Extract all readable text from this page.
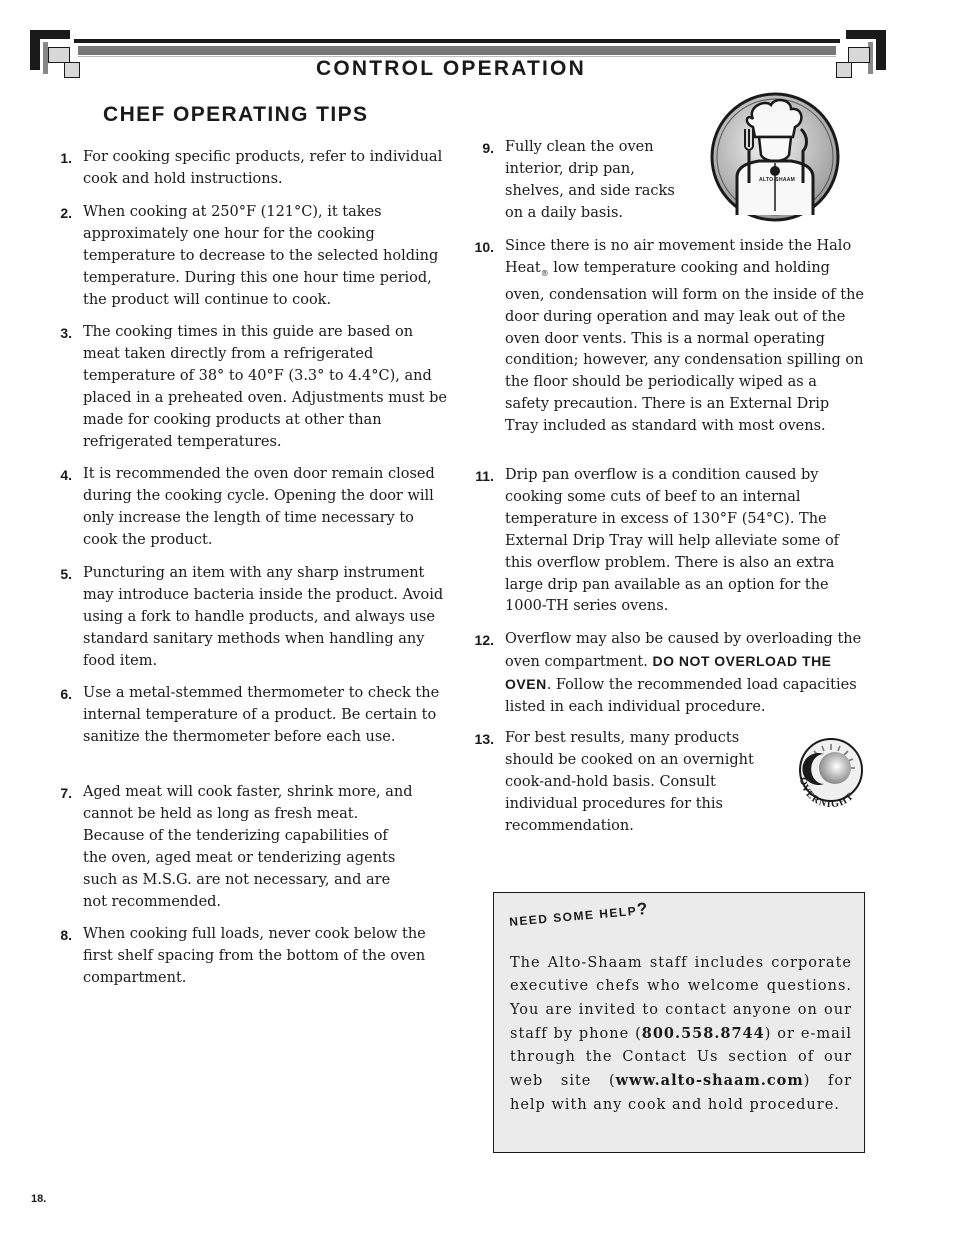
CONTROL OPERATION
CHEF OPERATING TIPS
1. For cooking specific products, refer to individual cook and hold instructions.
2. When cooking at 250°F (121°C), it takes approximately one hour for the cooking temperature to decrease to the selected holding temperature. During this one hour time period, the product will continue to cook.
3. The cooking times in this guide are based on meat taken directly from a refrigerated temperature of 38° to 40°F (3.3° to 4.4°C), and placed in a preheated oven. Adjustments must be made for cooking products at other than refrigerated temperatures.
4. It is recommended the oven door remain closed during the cooking cycle. Opening the door will only increase the length of time necessary to cook the product.
5. Puncturing an item with any sharp instrument may introduce bacteria inside the product. Avoid using a fork to handle products, and always use standard sanitary methods when handling any food item.
6. Use a metal-stemmed thermometer to check the internal temperature of a product. Be certain to sanitize the thermometer before each use.
7. Aged meat will cook faster, shrink more, and cannot be held as long as fresh meat. Because of the tenderizing capabilities of the oven, aged meat or tenderizing agents such as M.S.G. are not necessary, and are not recommended.
8. When cooking full loads, never cook below the first shelf spacing from the bottom of the oven compartment.
9. Fully clean the oven interior, drip pan, shelves, and side racks on a daily basis.
ALTO-SHAAM
10. Since there is no air movement inside the Halo Heat$_®$ low temperature cooking and holding oven, condensation will form on the inside of the door during operation and may leak out of the oven door vents. This is a normal operating condition; however, any condensation spilling on the floor should be periodically wiped as a safety precaution. There is an External Drip Tray included as standard with most ovens.
11. Drip pan overflow is a condition caused by cooking some cuts of beef to an internal temperature in excess of 130°F (54°C). The External Drip Tray will help alleviate some of this overflow problem. There is also an extra large drip pan available as an option for the 1000-TH series ovens.
12. Overflow may also be caused by overloading the oven compartment. DO NOT OVERLOAD THE OVEN. Follow the recommended load capacities listed in each individual procedure.
13. For best results, many products should be cooked on an overnight cook-and-hold basis. Consult individual procedures for this recommendation.
OVERNIGHT
NEED SOME HELP?
The Alto-Shaam staff includes corporate executive chefs who welcome questions. You are invited to contact anyone on our staff by phone (800.558.8744) or e-mail through the Contact Us section of our web site (www.alto-shaam.com) for help with any cook and hold procedure.
18.
